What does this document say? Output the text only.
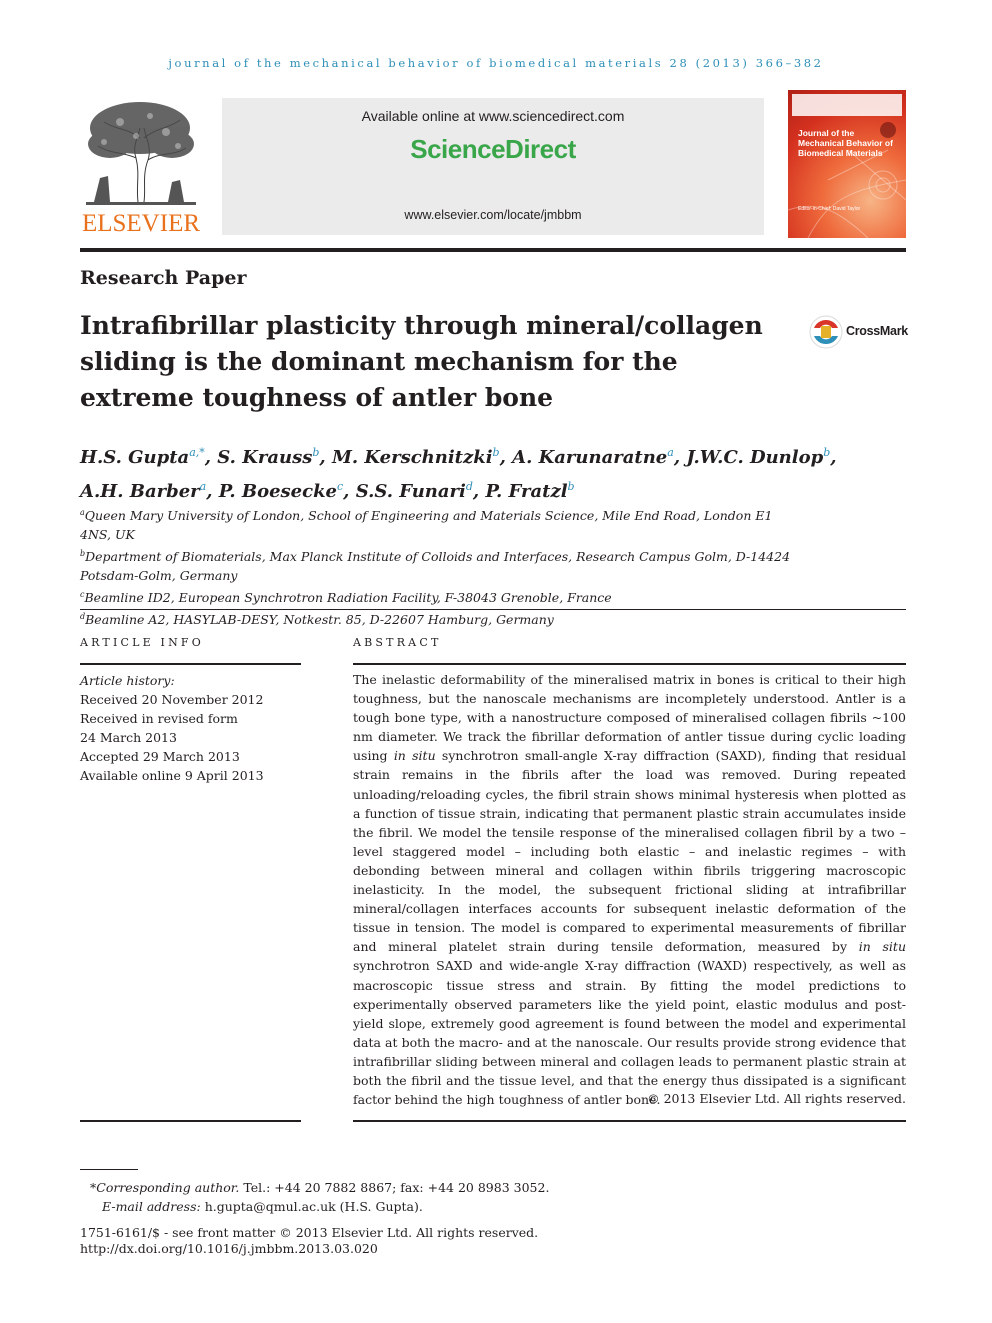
journal of the mechanical behavior of biomedical materials 28 (2013) 366–382
ELSEVIER
Available online at www.sciencedirect.com
ScienceDirect
www.elsevier.com/locate/jmbbm
Journal of the Mechanical Behavior of Biomedical Materials
Editor-in-Chief: David Taylor
Research Paper
Intrafibrillar plasticity through mineral/collagen sliding is the dominant mechanism for the extreme toughness of antler bone
CrossMark
H.S. Gupta$^{a,*}$, S. Krauss$^b$, M. Kerschnitzki$^b$, A. Karunaratne$^a$, J.W.C. Dunlop$^b$,
A.H. Barber$^a$, P. Boesecke$^c$, S.S. Funari$^d$, P. Fratzl$^b$
$^a$Queen Mary University of London, School of Engineering and Materials Science, Mile End Road, London E1 4NS, UK
$^b$Department of Biomaterials, Max Planck Institute of Colloids and Interfaces, Research Campus Golm, D-14424 Potsdam-Golm, Germany
$^c$Beamline ID2, European Synchrotron Radiation Facility, F-38043 Grenoble, France
$^d$Beamline A2, HASYLAB-DESY, Notkestr. 85, D-22607 Hamburg, Germany
ARTICLE INFO
Article history:
Received 20 November 2012
Received in revised form
24 March 2013
Accepted 29 March 2013
Available online 9 April 2013
ABSTRACT
The inelastic deformability of the mineralised matrix in bones is critical to their high toughness, but the nanoscale mechanisms are incompletely understood. Antler is a tough bone type, with a nanostructure composed of mineralised collagen fibrils ~100 nm diameter. We track the fibrillar deformation of antler tissue during cyclic loading using in situ synchrotron small-angle X-ray diffraction (SAXD), finding that residual strain remains in the fibrils after the load was removed. During repeated unloading/reloading cycles, the fibril strain shows minimal hysteresis when plotted as a function of tissue strain, indicating that permanent plastic strain accumulates inside the fibril. We model the tensile response of the mineralised collagen fibril by a two – level staggered model – including both elastic – and inelastic regimes – with debonding between mineral and collagen within fibrils triggering macroscopic inelasticity. In the model, the subsequent frictional sliding at intrafibrillar mineral/collagen interfaces accounts for subsequent inelastic deformation of the tissue in tension. The model is compared to experimental measurements of fibrillar and mineral platelet strain during tensile deformation, measured by in situ synchrotron SAXD and wide-angle X-ray diffraction (WAXD) respectively, as well as macroscopic tissue stress and strain. By fitting the model predictions to experimentally observed parameters like the yield point, elastic modulus and post-yield slope, extremely good agreement is found between the model and experimental data at both the macro- and at the nanoscale. Our results provide strong evidence that intrafibrillar sliding between mineral and collagen leads to permanent plastic strain at both the fibril and the tissue level, and that the energy thus dissipated is a significant factor behind the high toughness of antler bone.
© 2013 Elsevier Ltd. All rights reserved.
*Corresponding author. Tel.: +44 20 7882 8867; fax: +44 20 8983 3052.
E-mail address: h.gupta@qmul.ac.uk (H.S. Gupta).
1751-6161/$ - see front matter © 2013 Elsevier Ltd. All rights reserved.
http://dx.doi.org/10.1016/j.jmbbm.2013.03.020
